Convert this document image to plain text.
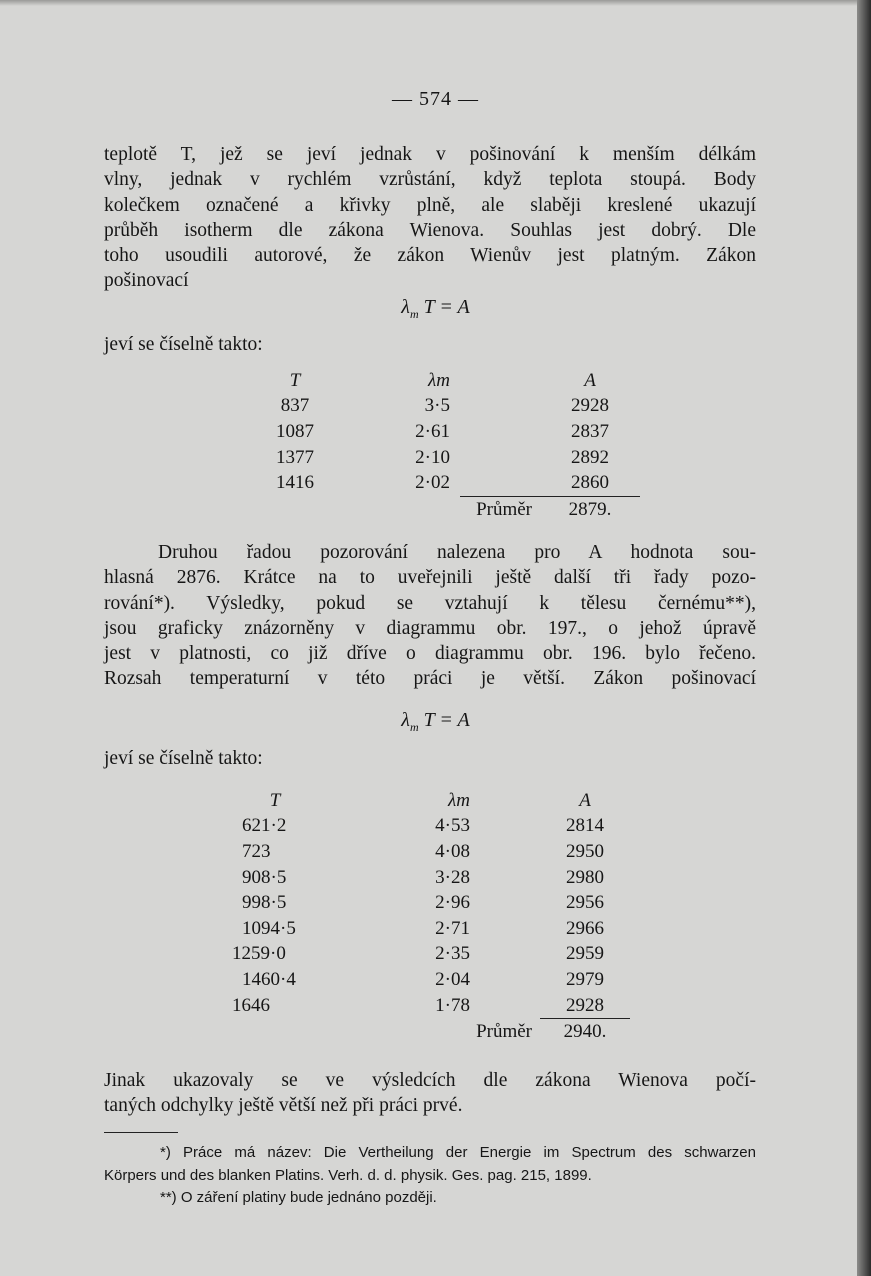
— 574 —
teplotě T, jež se jeví jednak v pošinování k menším délkám
vlny, jednak v rychlém vzrůstání, když teplota stoupá. Body
kolečkem označené a křivky plně, ale slaběji kreslené ukazují
průběh isotherm dle zákona Wienova. Souhlas jest dobrý. Dle
toho usoudili autorové, že zákon Wienův jest platným. Zákon
pošinovací
$\lambda_m$ T = A
jeví se číselně takto:
T	λm		A
837	3·5		2928
1087	2·61		2837
1377	2·10		2892
1416	2·02		2860
		Průměr	2879.
Druhou řadou pozorování nalezena pro A hodnota sou-
hlasná 2876. Krátce na to uveřejnili ještě další tři řady pozo-
rování*). Výsledky, pokud se vztahují k tělesu černému**),
jsou graficky znázorněny v diagrammu obr. 197., o jehož úpravě
jest v platnosti, co již dříve o diagrammu obr. 196. bylo řečeno.
Rozsah temperaturní v této práci je větší. Zákon pošinovací
$\lambda_m$ T = A
jeví se číselně takto:
T	λm		A
621·2	4·53		2814
723	4·08		2950
908·5	3·28		2980
998·5	2·96		2956
1094·5	2·71		2966
1259·0	2·35		2959
1460·4	2·04		2979
1646	1·78		2928
	Průměr		2940.
Jinak ukazovaly se ve výsledcích dle zákona Wienova počí-
taných odchylky ještě větší než při práci prvé.
*) Práce má název: Die Vertheilung der Energie im Spectrum des schwarzen
Körpers und des blanken Platins. Verh. d. d. physik. Ges. pag. 215, 1899.
**) O záření platiny bude jednáno později.
